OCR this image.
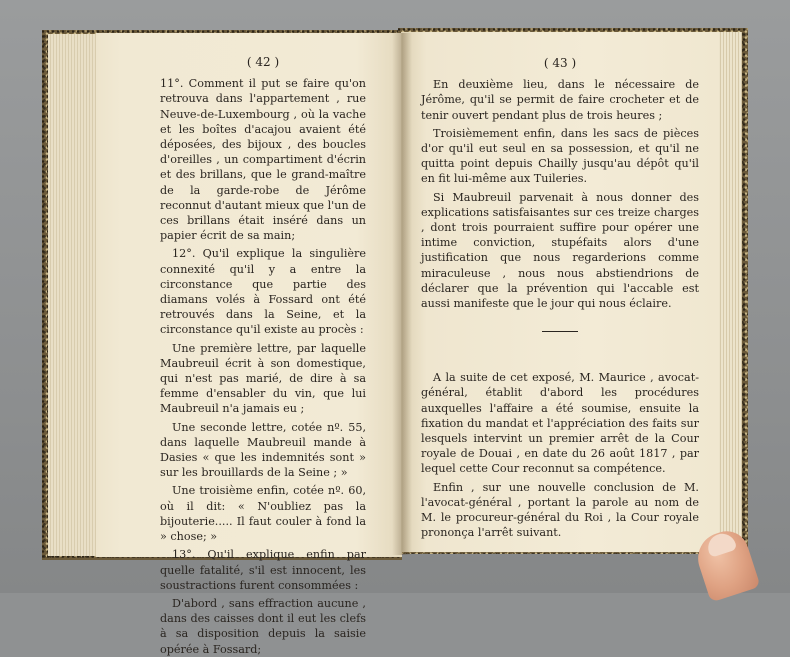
( 42 )

11°. Comment il put se faire qu'on retrouva dans l'appartement , rue Neuve-de-Luxembourg , où la vache et les boîtes d'acajou avaient été déposées, des bijoux , des boucles d'oreilles , un compartiment d'écrin et des brillans, que le grand-maître de la garde-robe de Jérôme reconnut d'autant mieux que l'un de ces brillans était inséré dans un papier écrit de sa main;

12°. Qu'il explique la singulière connexité qu'il y a entre la circonstance que partie des diamans volés à Fossard ont été retrouvés dans la Seine, et la circonstance qu'il existe au procès :

Une première lettre, par laquelle Maubreuil écrit à son domestique, qui n'est pas marié, de dire à sa femme d'ensabler du vin, que lui Maubreuil n'a jamais eu ;

Une seconde lettre, cotée nº. 55, dans laquelle Maubreuil mande à Dasies « que les indemnités sont » sur les brouillards de la Seine ; »

Une troisième enfin, cotée nº. 60, où il dit: « N'oubliez pas la bijouterie..... Il faut couler à fond la » chose; »

13°. Qu'il explique enfin par quelle fatalité, s'il est innocent, les soustractions furent consommées :

D'abord , sans effraction aucune , dans des caisses dont il eut les clefs à sa disposition depuis la saisie opérée à Fossard;

( 43 )

En deuxième lieu, dans le nécessaire de Jérôme, qu'il se permit de faire crocheter et de tenir ouvert pendant plus de trois heures ;

Troisièmement enfin, dans les sacs de pièces d'or qu'il eut seul en sa possession, et qu'il ne quitta point depuis Chailly jusqu'au dépôt qu'il en fit lui-même aux Tuileries.

Si Maubreuil parvenait à nous donner des explications satisfaisantes sur ces treize charges , dont trois pourraient suffire pour opérer une intime conviction, stupéfaits alors d'une justification que nous regarderions comme miraculeuse , nous nous abstiendrions de déclarer que la prévention qui l'accable est aussi manifeste que le jour qui nous éclaire.

A la suite de cet exposé, M. Maurice , avocat-général, établit d'abord les procédures auxquelles l'affaire a été soumise, ensuite la fixation du mandat et l'appréciation des faits sur lesquels intervint un premier arrêt de la Cour royale de Douai , en date du 26 août 1817 , par lequel cette Cour reconnut sa compétence.

Enfin , sur une nouvelle conclusion de M. l'avocat-général , portant la parole au nom de M. le procureur-général du Roi , la Cour royale prononça l'arrêt suivant.
